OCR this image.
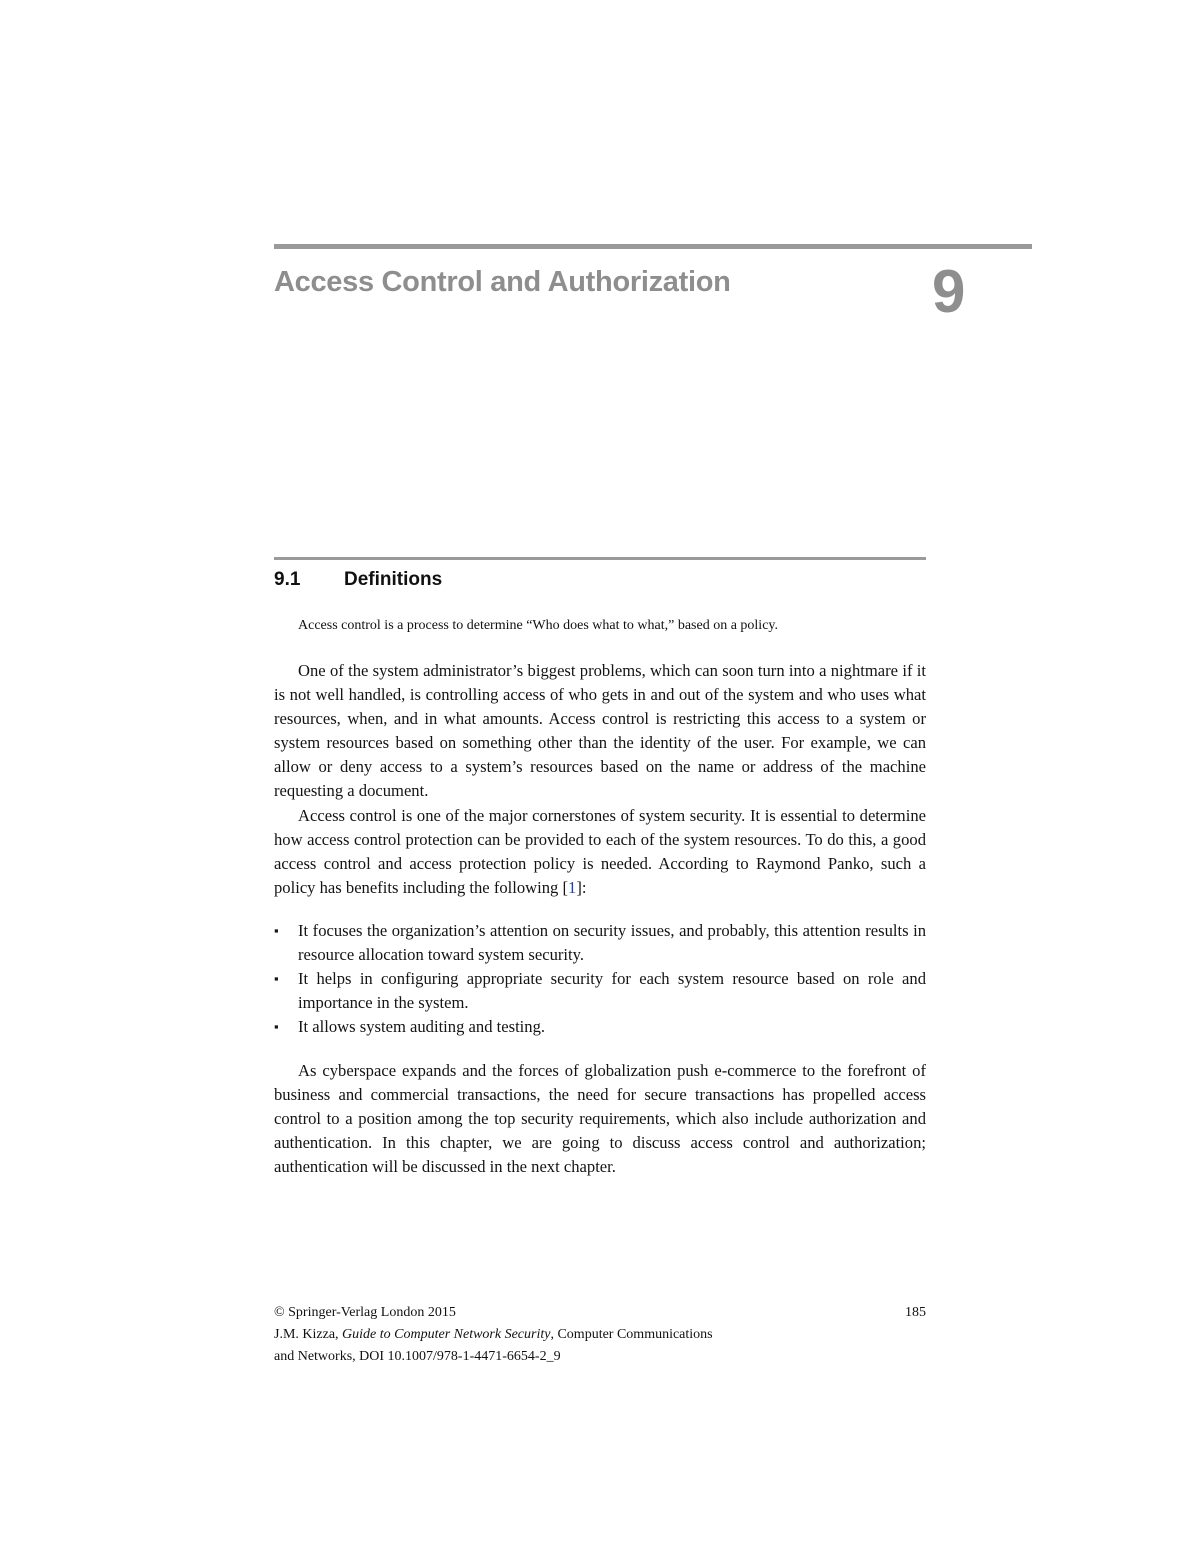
Access Control and Authorization	9
9.1 Definitions

Access control is a process to determine “Who does what to what,” based on a policy.

One of the system administrator’s biggest problems, which can soon turn into a nightmare if it is not well handled, is controlling access of who gets in and out of the system and who uses what resources, when, and in what amounts. Access control is restricting this access to a system or system resources based on something other than the identity of the user. For example, we can allow or deny access to a system’s resources based on the name or address of the machine requesting a document.

Access control is one of the major cornerstones of system security. It is essential to determine how access control protection can be provided to each of the system resources. To do this, a good access control and access protection policy is needed. According to Raymond Panko, such a policy has benefits including the following [1]:

▪ It focuses the organization’s attention on security issues, and probably, this attention results in resource allocation toward system security.
▪ It helps in configuring appropriate security for each system resource based on role and importance in the system.
▪ It allows system auditing and testing.

As cyberspace expands and the forces of globalization push e-commerce to the forefront of business and commercial transactions, the need for secure transactions has propelled access control to a position among the top security requirements, which also include authorization and authentication. In this chapter, we are going to discuss access control and authorization; authentication will be discussed in the next chapter.

© Springer-Verlag London 2015	185
J.M. Kizza, Guide to Computer Network Security, Computer Communications
and Networks, DOI 10.1007/978-1-4471-6654-2_9
